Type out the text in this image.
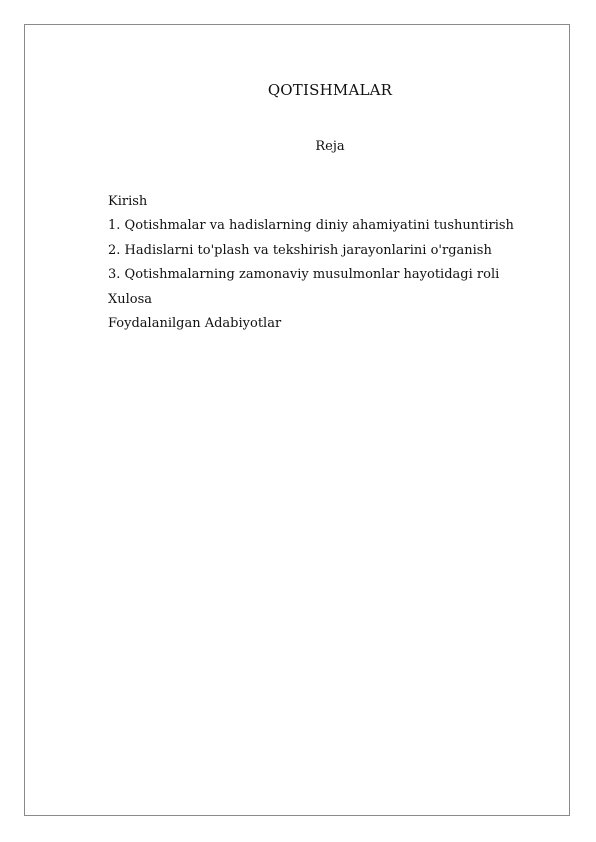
QOTISHMALAR
Reja
Kirish
1. Qotishmalar va hadislarning diniy ahamiyatini tushuntirish
2. Hadislarni to'plash va tekshirish jarayonlarini o'rganish
3. Qotishmalarning zamonaviy musulmonlar hayotidagi roli
Xulosa
Foydalanilgan Adabiyotlar
